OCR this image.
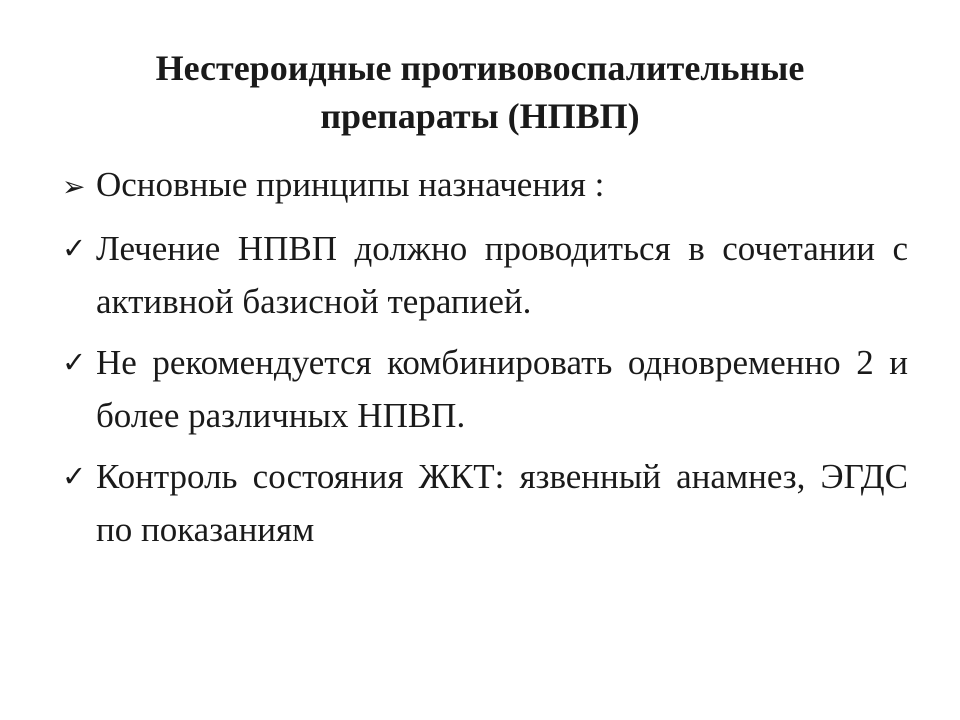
Нестероидные противовоспалительные
препараты (НПВП)
➢ Основные принципы назначения :
✓ Лечение НПВП должно проводиться в сочетании с активной базисной терапией.
✓ Не рекомендуется комбинировать одновременно 2 и более различных НПВП.
✓ Контроль состояния ЖКТ: язвенный анамнез, ЭГДС по показаниям
